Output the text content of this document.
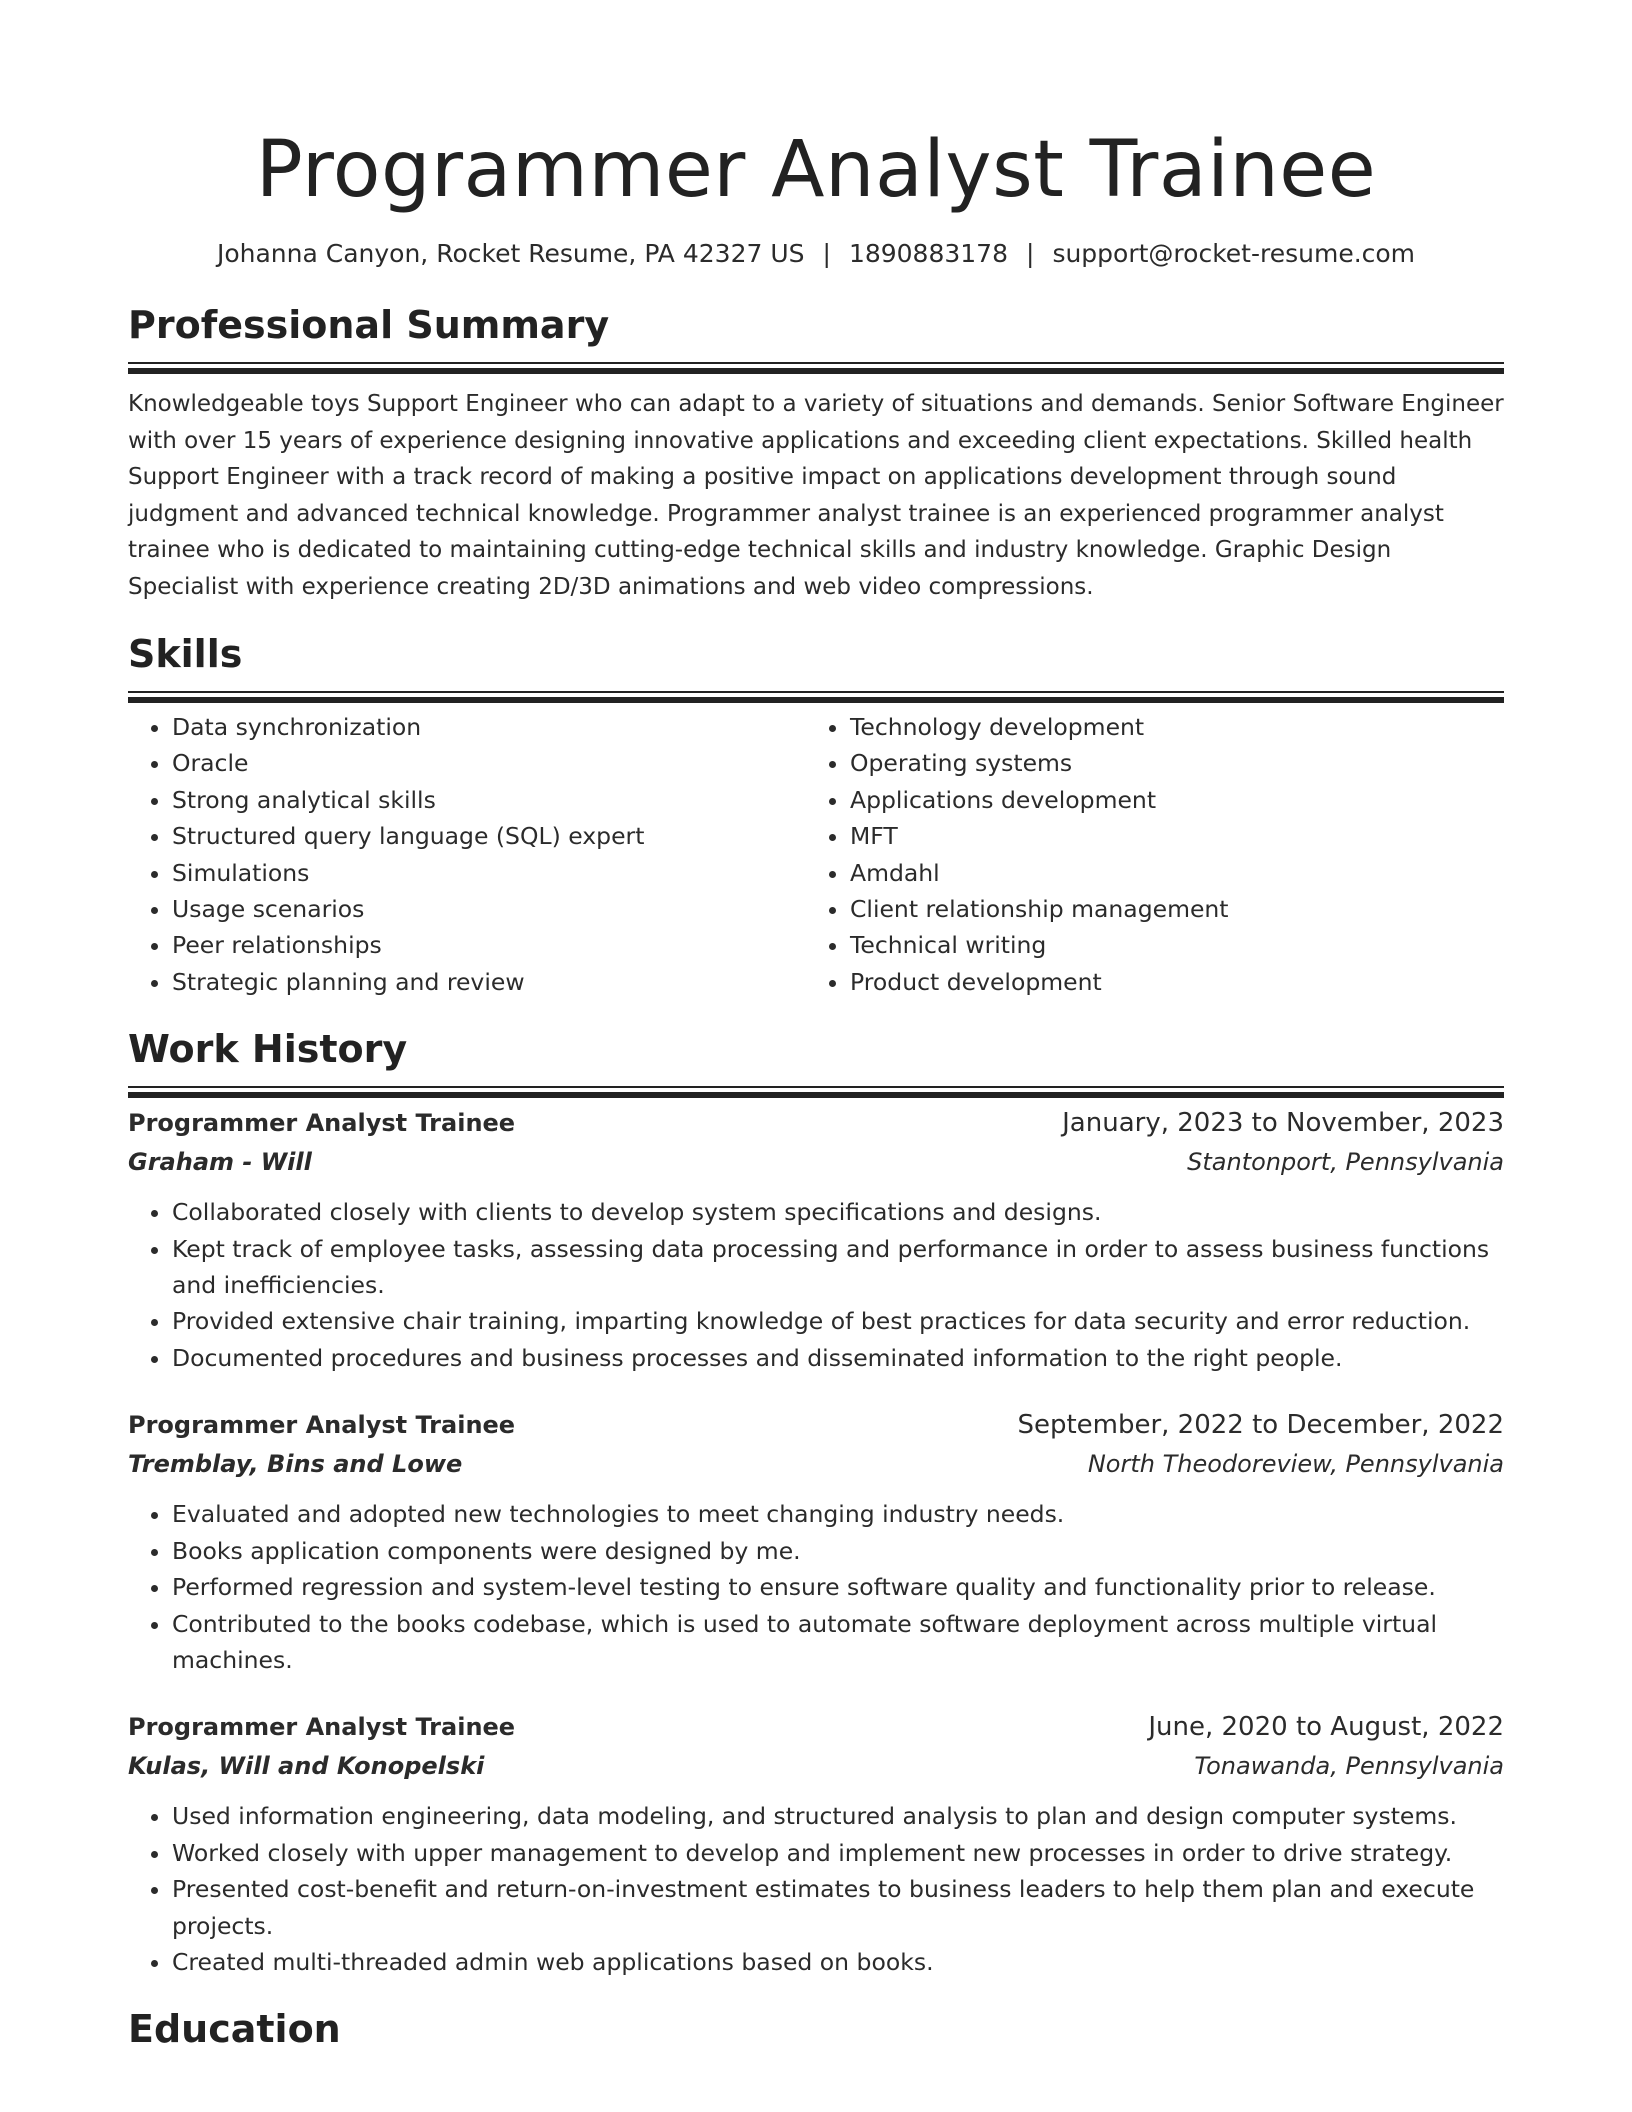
Programmer Analyst Trainee
Johanna Canyon, Rocket Resume, PA 42327 US | 1890883178 | support@rocket-resume.com
Professional Summary

Knowledgeable toys Support Engineer who can adapt to a variety of situations and demands. Senior Software Engineer with over 15 years of experience designing innovative applications and exceeding client expectations. Skilled health Support Engineer with a track record of making a positive impact on applications development through sound judgment and advanced technical knowledge. Programmer analyst trainee is an experienced programmer analyst trainee who is dedicated to maintaining cutting-edge technical skills and industry knowledge. Graphic Design Specialist with experience creating 2D/3D animations and web video compressions.

Skills
• Data synchronization
• Oracle
• Strong analytical skills
• Structured query language (SQL) expert
• Simulations
• Usage scenarios
• Peer relationships
• Strategic planning and review
• Technology development
• Operating systems
• Applications development
• MFT
• Amdahl
• Client relationship management
• Technical writing
• Product development
Work History
Programmer Analyst Trainee	January, 2023 to November, 2023
Graham - Will	Stantonport, Pennsylvania
• Collaborated closely with clients to develop system specifications and designs.
• Kept track of employee tasks, assessing data processing and performance in order to assess business functions and inefficiencies.
• Provided extensive chair training, imparting knowledge of best practices for data security and error reduction.
• Documented procedures and business processes and disseminated information to the right people.
Programmer Analyst Trainee	September, 2022 to December, 2022
Tremblay, Bins and Lowe	North Theodoreview, Pennsylvania
• Evaluated and adopted new technologies to meet changing industry needs.
• Books application components were designed by me.
• Performed regression and system-level testing to ensure software quality and functionality prior to release.
• Contributed to the books codebase, which is used to automate software deployment across multiple virtual machines.
Programmer Analyst Trainee	June, 2020 to August, 2022
Kulas, Will and Konopelski	Tonawanda, Pennsylvania
• Used information engineering, data modeling, and structured analysis to plan and design computer systems.
• Worked closely with upper management to develop and implement new processes in order to drive strategy.
• Presented cost-benefit and return-on-investment estimates to business leaders to help them plan and execute projects.
• Created multi-threaded admin web applications based on books.
Education
